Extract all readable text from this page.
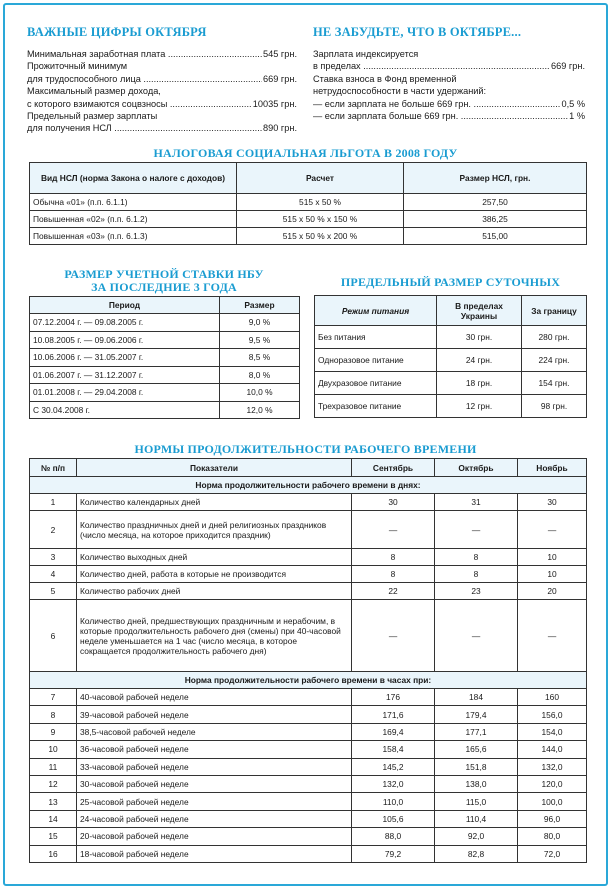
ВАЖНЫЕ ЦИФРЫ ОКТЯБРЯ
Минимальная заработная плата .....	545 грн.
Прожиточный минимум
для трудоспособного лица .....	669 грн.
Максимальный размер дохода,
с которого взимаются соцвзносы .....	10035 грн.
Предельный размер зарплаты
для получения НСЛ .....	890 грн.
НЕ ЗАБУДЬТЕ, ЧТО В ОКТЯБРЕ...
Зарплата индексируется
в пределах .....	669 грн.
Ставка взноса в Фонд временной
нетрудоспособности в части удержаний:
— если зарплата не больше 669 грн. .....	0,5 %
— если зарплата больше 669 грн. .....	1 %
НАЛОГОВАЯ СОЦИАЛЬНАЯ ЛЬГОТА В 2008 ГОДУ
Вид НСЛ (норма Закона о налоге с доходов)	Расчет	Размер НСЛ, грн.
Обычна «01» (п.п. 6.1.1)	515 х 50 %	257,50
Повышенная «02» (п.п. 6.1.2)	515 х 50 % х 150 %	386,25
Повышенная «03» (п.п. 6.1.3)	515 х 50 % х 200 %	515,00
РАЗМЕР УЧЕТНОЙ СТАВКИ НБУ
ЗА ПОСЛЕДНИЕ 3 ГОДА
Период	Размер
07.12.2004 г. — 09.08.2005 г.	9,0 %
10.08.2005 г. — 09.06.2006 г.	9,5 %
10.06.2006 г. — 31.05.2007 г.	8,5 %
01.06.2007 г. — 31.12.2007 г.	8,0 %
01.01.2008 г. — 29.04.2008 г.	10,0 %
С 30.04.2008 г.	12,0 %
ПРЕДЕЛЬНЫЙ РАЗМЕР СУТОЧНЫХ
Режим питания	В пределах Украины	За границу
Без питания	30 грн.	280 грн.
Одноразовое питание	24 грн.	224 грн.
Двухразовое питание	18 грн.	154 грн.
Трехразовое питание	12 грн.	98 грн.
НОРМЫ ПРОДОЛЖИТЕЛЬНОСТИ РАБОЧЕГО ВРЕМЕНИ
№ п/п	Показатели	Сентябрь	Октябрь	Ноябрь
Норма продолжительности рабочего времени в днях:				
1	Количество календарных дней	30	31	30
2	Количество праздничных дней и дней религиозных праздников (число месяца, на которое приходится праздник)	—	—	—
3	Количество выходных дней	8	8	10
4	Количество дней, работа в которые не производится	8	8	10
5	Количество рабочих дней	22	23	20
6	Количество дней, предшествующих праздничным и нерабочим, в которые продолжительность рабочего дня (смены) при 40-часовой неделе уменьшается на 1 час (число месяца, в которое сокращается продолжительность рабочего дня)	—	—	—
Норма продолжительности рабочего времени в часах при:				
7	40-часовой рабочей неделе	176	184	160
8	39-часовой рабочей неделе	171,6	179,4	156,0
9	38,5-часовой рабочей неделе	169,4	177,1	154,0
10	36-часовой рабочей неделе	158,4	165,6	144,0
11	33-часовой рабочей неделе	145,2	151,8	132,0
12	30-часовой рабочей неделе	132,0	138,0	120,0
13	25-часовой рабочей неделе	110,0	115,0	100,0
14	24-часовой рабочей неделе	105,6	110,4	96,0
15	20-часовой рабочей неделе	88,0	92,0	80,0
16	18-часовой рабочей неделе	79,2	82,8	72,0
